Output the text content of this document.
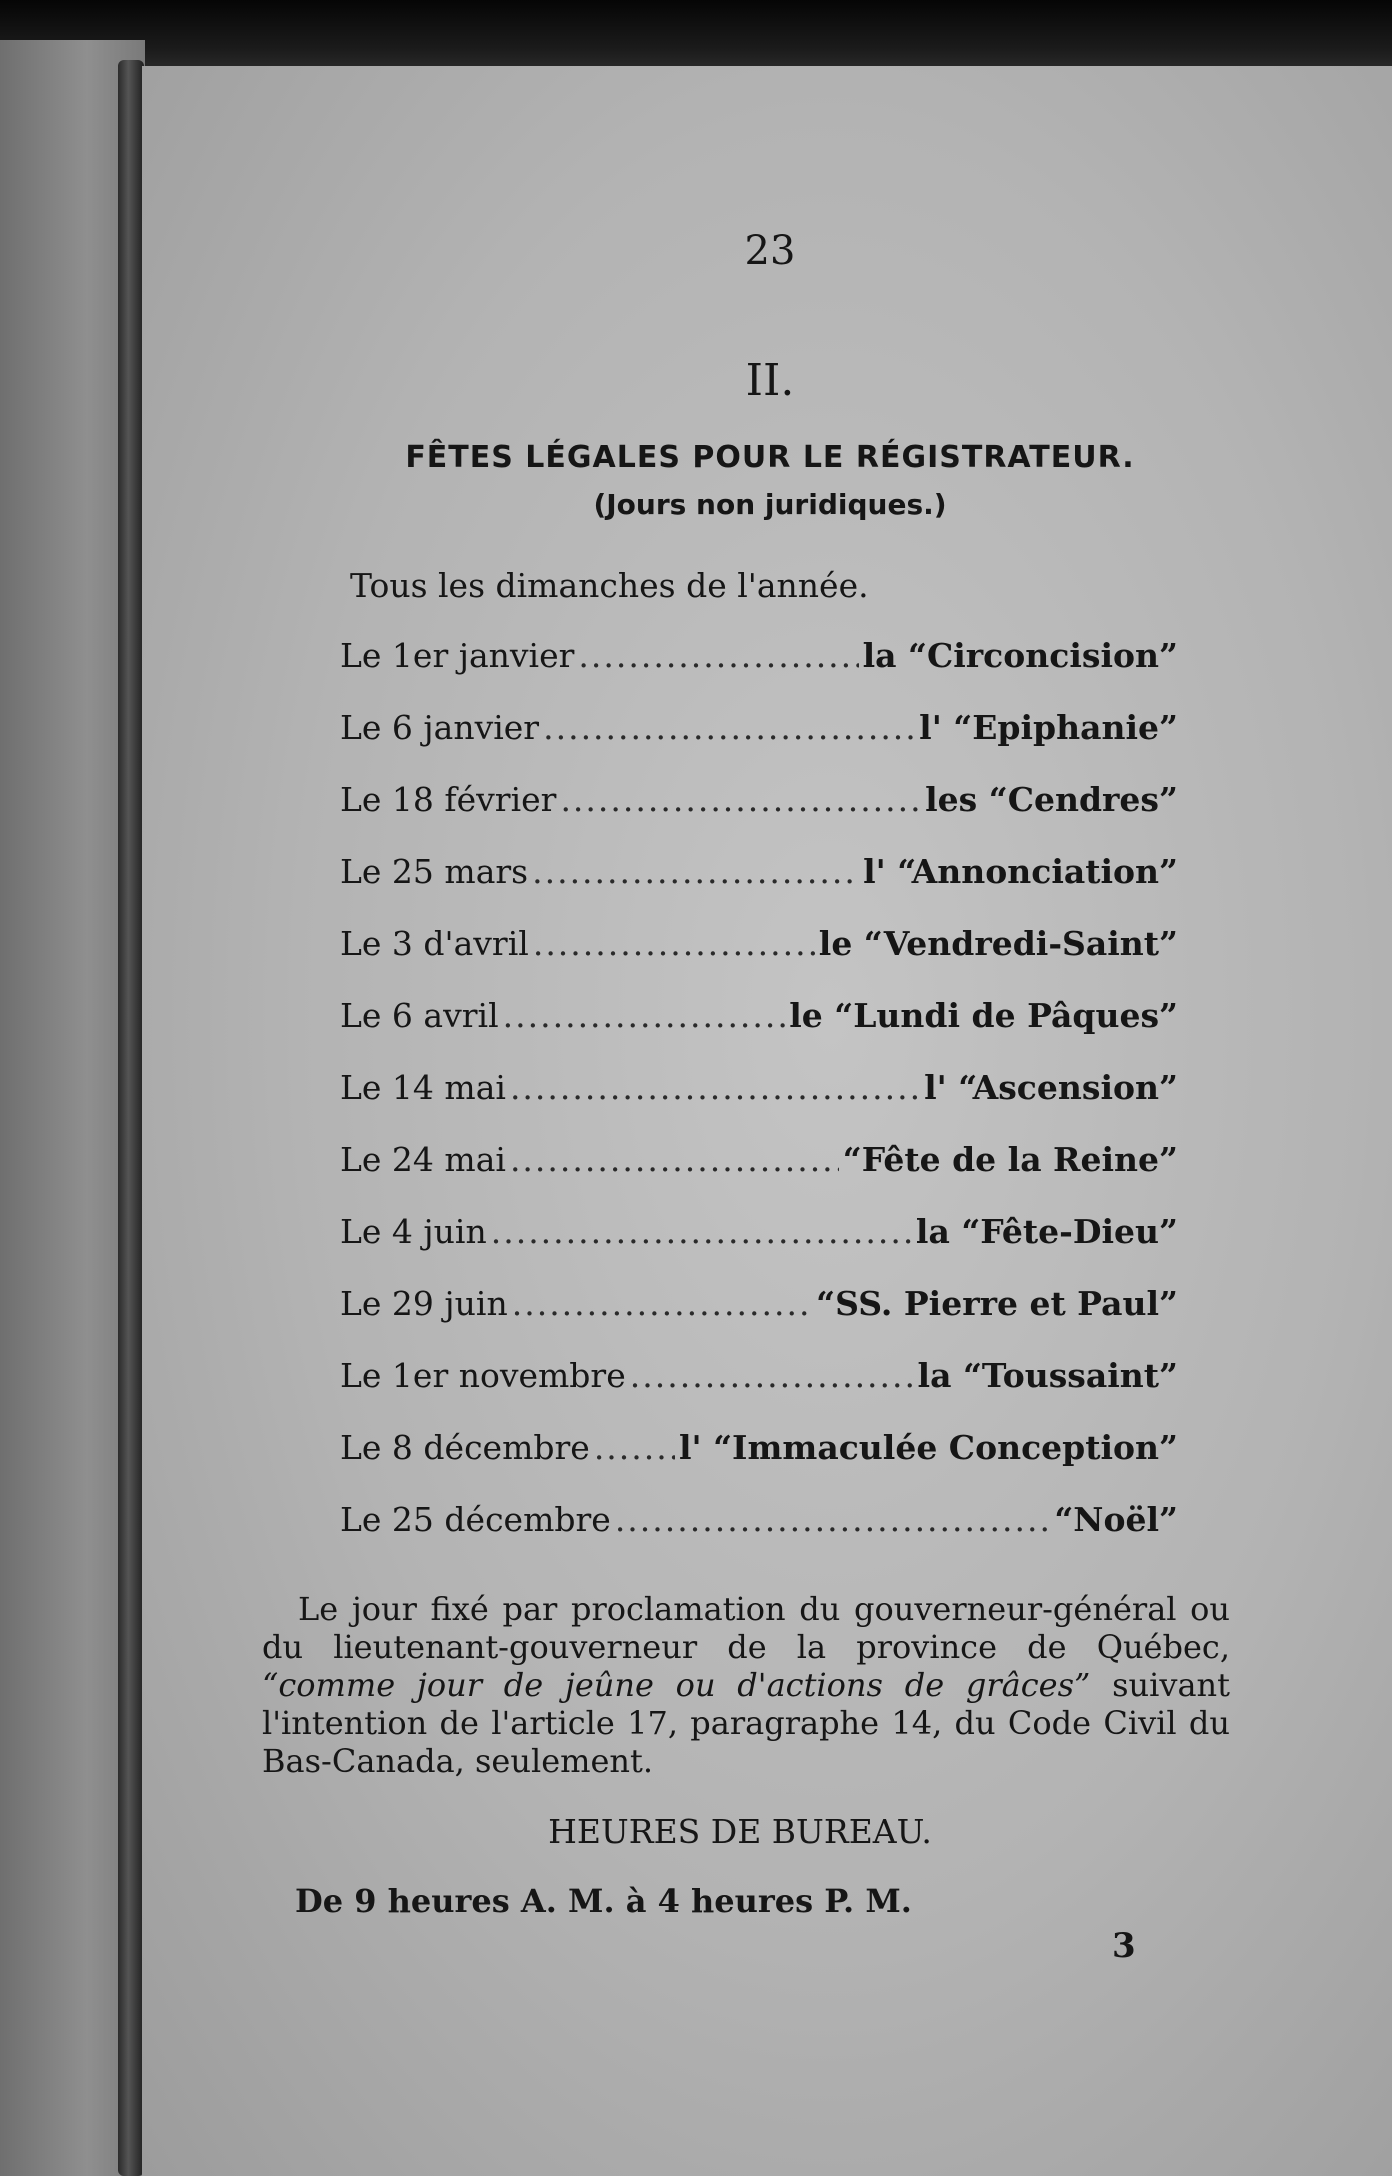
23
II.
FÊTES LÉGALES POUR LE RÉGISTRATEUR.
(Jours non juridiques.)
Tous les dimanches de l'année.
Le 1er janvier .....	la “Circoncision”
Le 6 janvier .....	l' “Epiphanie”
Le 18 février .....	les “Cendres”
Le 25 mars .....	l' “Annonciation”
Le 3 d'avril .....	le “Vendredi-Saint”
Le 6 avril .....	le “Lundi de Pâques”
Le 14 mai .....	l' “Ascension”
Le 24 mai .....	“Fête de la Reine”
Le 4 juin .....	la “Fête-Dieu”
Le 29 juin .....	“SS. Pierre et Paul”
Le 1er novembre .....	la “Toussaint”
Le 8 décembre .....	l' “Immaculée Conception”
Le 25 décembre .....	“Noël”
Le jour fixé par proclamation du gouverneur-général ou du lieutenant-gouverneur de la province de Québec, “comme jour de jeûne ou d'actions de grâces” suivant l'intention de l'article 17, paragraphe 14, du Code Civil du Bas-Canada, seulement.
HEURES DE BUREAU.
De 9 heures A. M. à 4 heures P. M.
3
